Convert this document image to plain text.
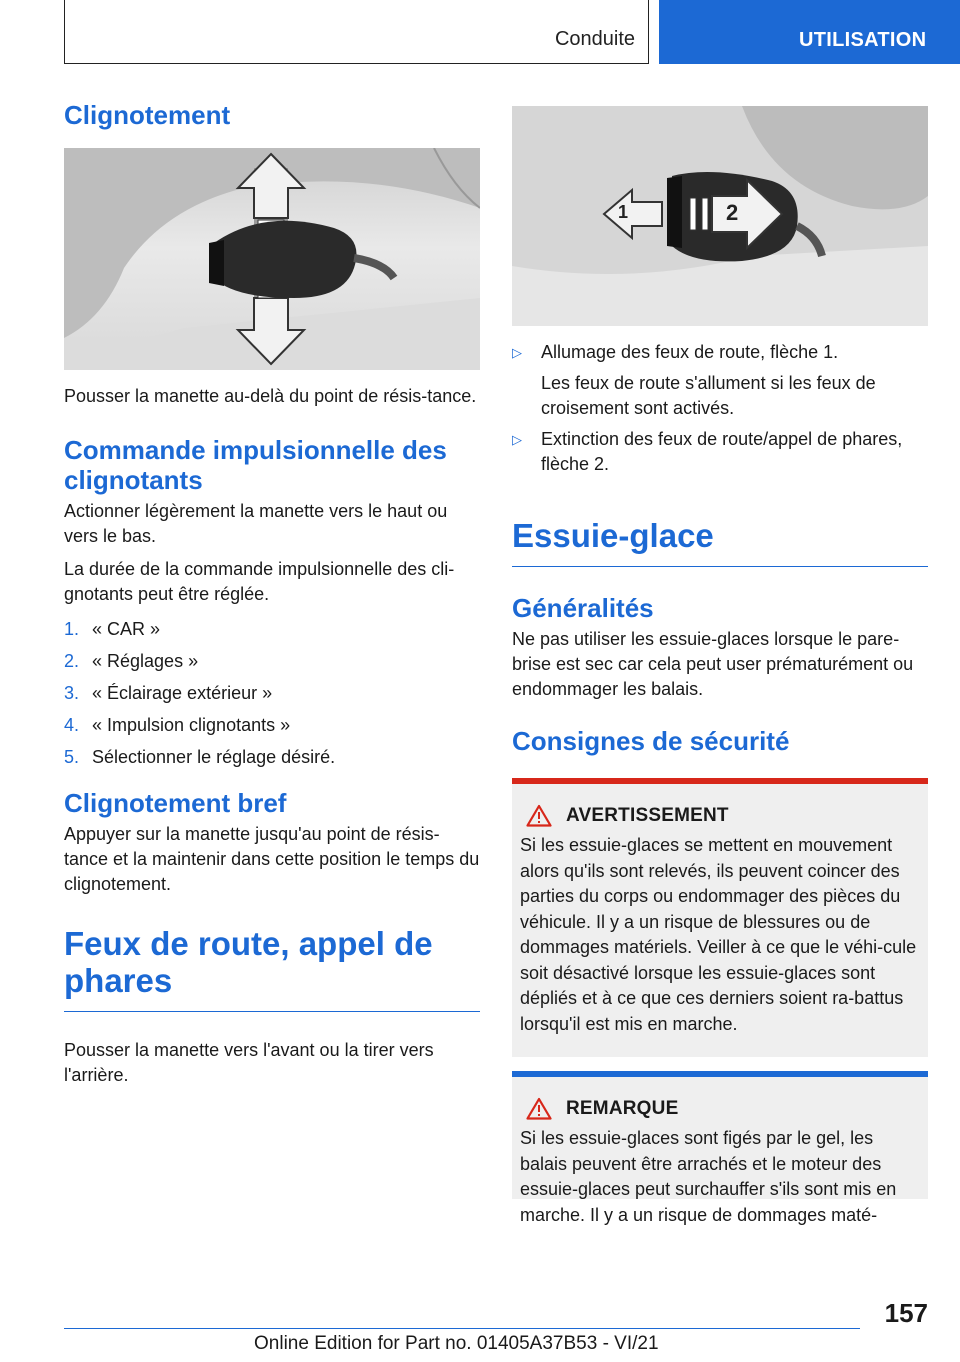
Conduite	UTILISATION
Clignotement

Pousser la manette au-delà du point de résis-tance.

Commande impulsionnelle des clignotants

Actionner légèrement la manette vers le haut ou vers le bas.

La durée de la commande impulsionnelle des cli-gnotants peut être réglée.

1. « CAR »
2. « Réglages »
3. « Éclairage extérieur »
4. « Impulsion clignotants »
5. Sélectionner le réglage désiré.
Clignotement bref

Appuyer sur la manette jusqu'au point de résis-tance et la maintenir dans cette position le temps du clignotement.

Feux de route, appel de phares

Pousser la manette vers l'avant ou la tirer vers l'arrière.

1	2
▷ Allumage des feux de route, flèche 1.
Les feux de route s'allument si les feux de croisement sont activés.
▷ Extinction des feux de route/appel de phares, flèche 2.
Essuie-glace
Généralités

Ne pas utiliser les essuie-glaces lorsque le pare-brise est sec car cela peut user prématurément ou endommager les balais.

Consignes de sécurité
AVERTISSEMENT

Si les essuie-glaces se mettent en mouvement alors qu'ils sont relevés, ils peuvent coincer des parties du corps ou endommager des pièces du véhicule. Il y a un risque de blessures ou de dommages matériels. Veiller à ce que le véhi-cule soit désactivé lorsque les essuie-glaces sont dépliés et à ce que ces derniers soient ra-battus lorsqu'il est mis en marche.

REMARQUE

Si les essuie-glaces sont figés par le gel, les balais peuvent être arrachés et le moteur des essuie-glaces peut surchauffer s'ils sont mis en marche. Il y a un risque de dommages maté-

157
Online Edition for Part no. 01405A37B53 - VI/21
